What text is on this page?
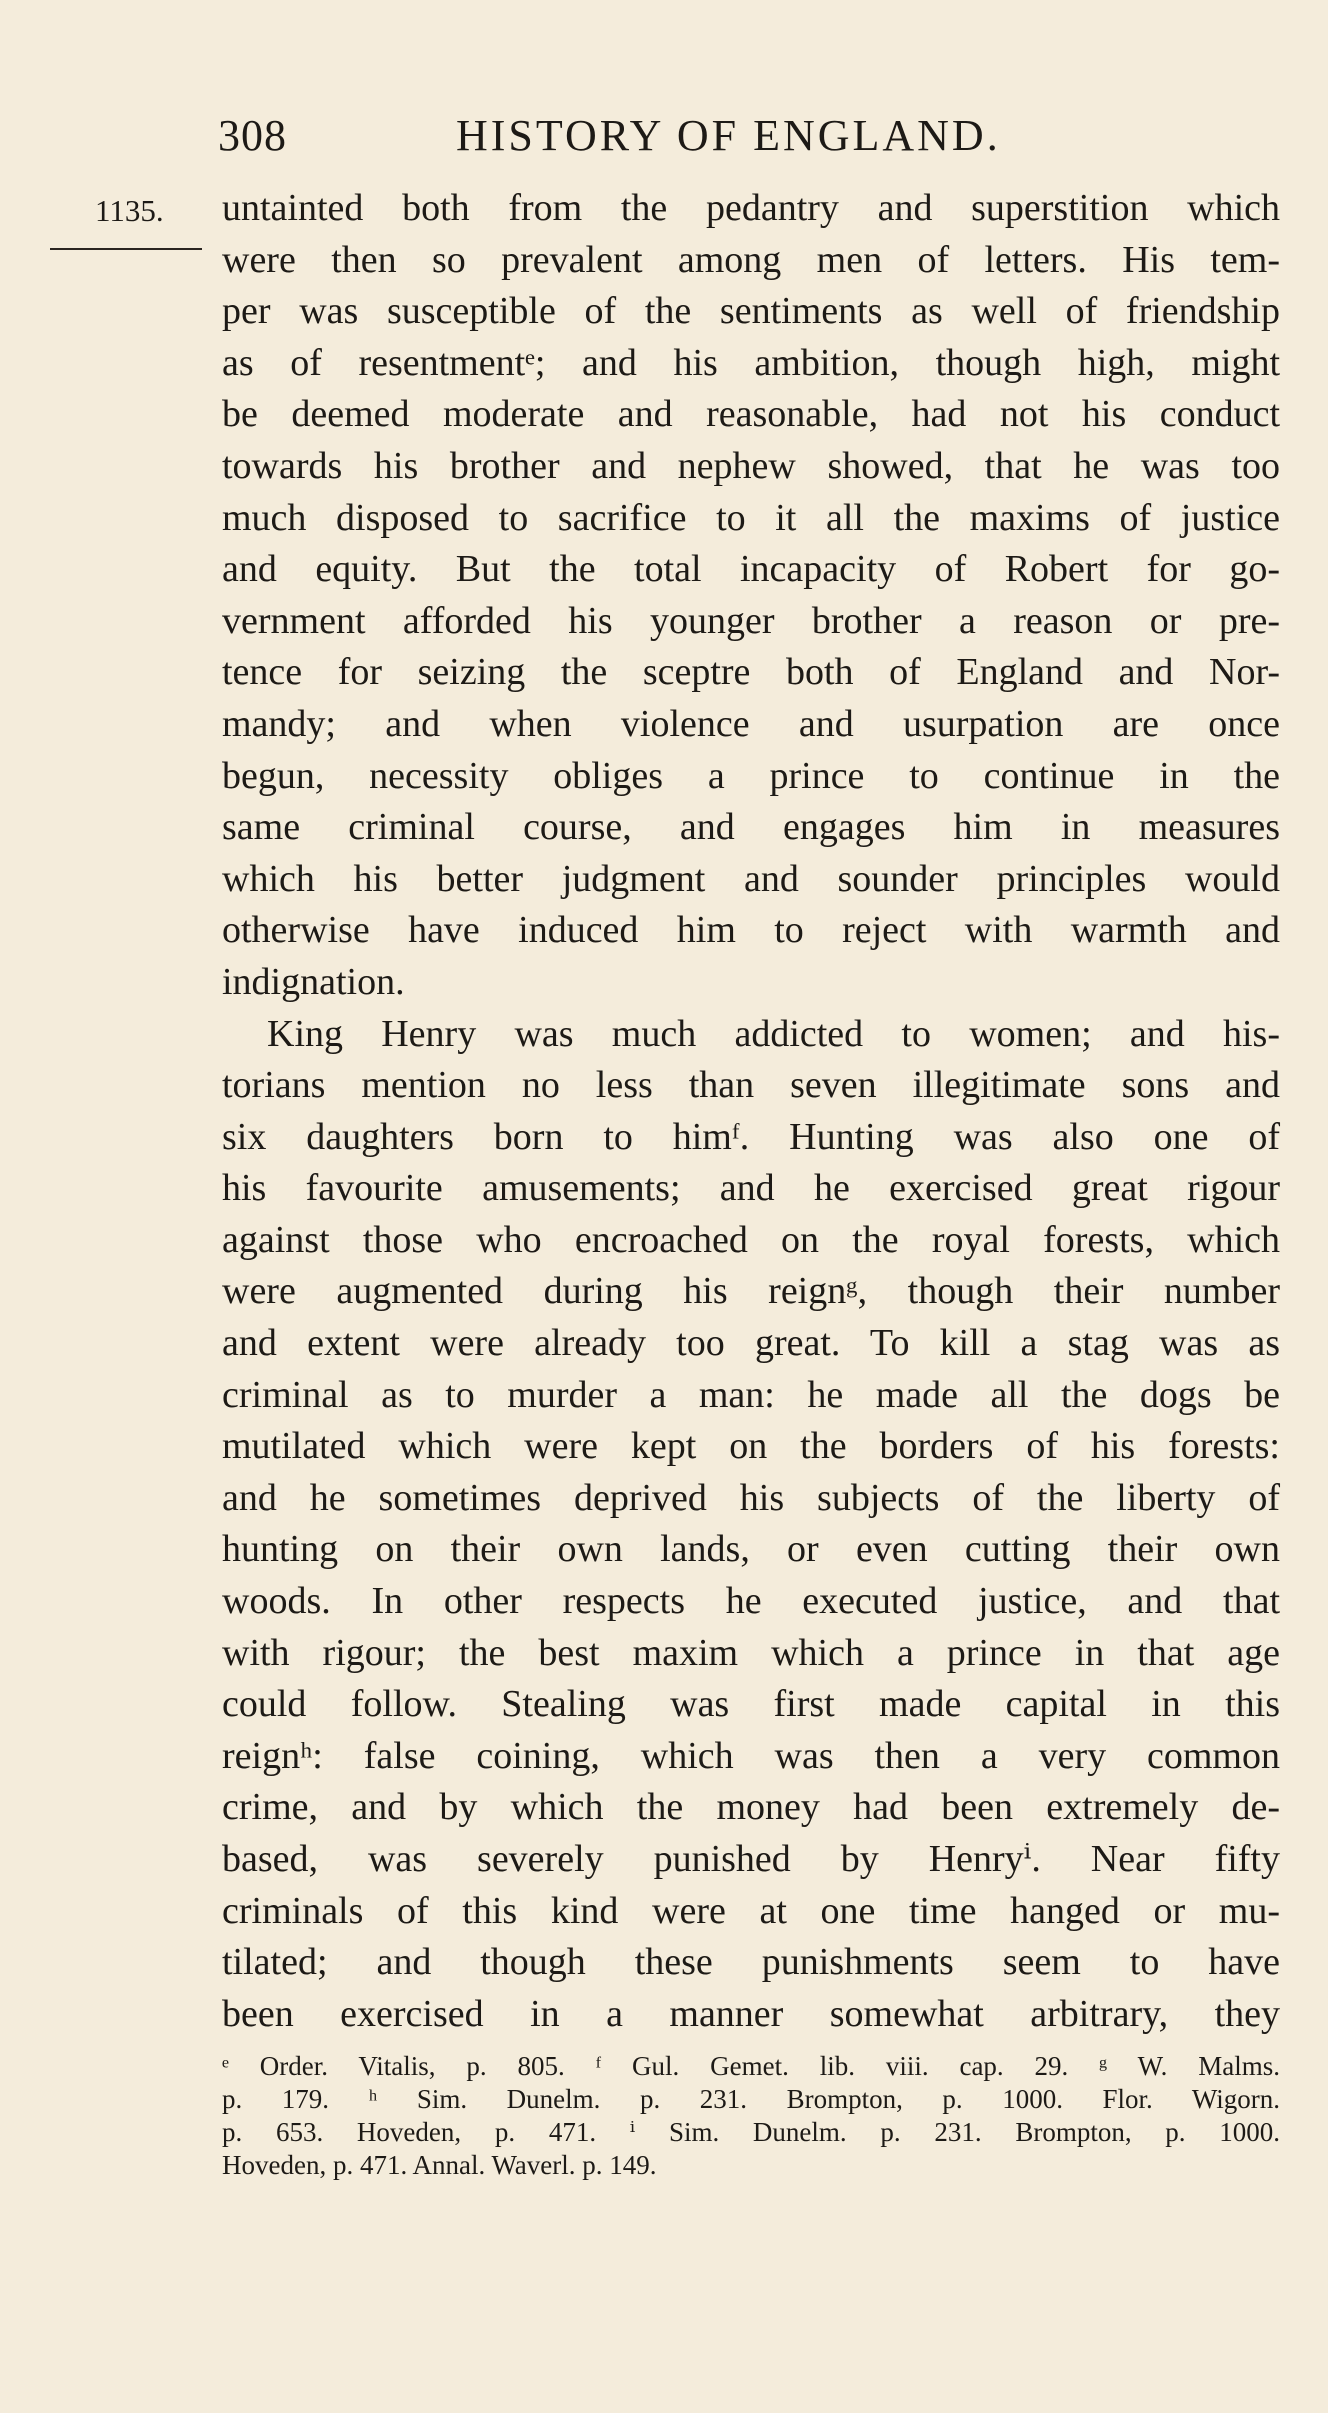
308	HISTORY OF ENGLAND.
1135. untainted both from the pedantry and superstition which
were then so prevalent among men of letters. His tem-
per was susceptible of the sentiments as well of friendship
as of resentmentᵉ; and his ambition, though high, might
be deemed moderate and reasonable, had not his conduct
towards his brother and nephew showed, that he was too
much disposed to sacrifice to it all the maxims of justice
and equity. But the total incapacity of Robert for go-
vernment afforded his younger brother a reason or pre-
tence for seizing the sceptre both of England and Nor-
mandy; and when violence and usurpation are once
begun, necessity obliges a prince to continue in the
same criminal course, and engages him in measures
which his better judgment and sounder principles would
otherwise have induced him to reject with warmth and
indignation.
King Henry was much addicted to women; and his-
torians mention no less than seven illegitimate sons and
six daughters born to himᶠ. Hunting was also one of
his favourite amusements; and he exercised great rigour
against those who encroached on the royal forests, which
were augmented during his reignᵍ, though their number
and extent were already too great. To kill a stag was as
criminal as to murder a man: he made all the dogs be
mutilated which were kept on the borders of his forests:
and he sometimes deprived his subjects of the liberty of
hunting on their own lands, or even cutting their own
woods. In other respects he executed justice, and that
with rigour; the best maxim which a prince in that age
could follow. Stealing was first made capital in this
reignʰ: false coining, which was then a very common
crime, and by which the money had been extremely de-
based, was severely punished by Henryⁱ. Near fifty
criminals of this kind were at one time hanged or mu-
tilated; and though these punishments seem to have
been exercised in a manner somewhat arbitrary, they
ᵉ Order. Vitalis, p. 805. ᶠ Gul. Gemet. lib. viii. cap. 29. ᵍ W. Malms.
p. 179. ʰ Sim. Dunelm. p. 231. Brompton, p. 1000. Flor. Wigorn.
p. 653. Hoveden, p. 471. ⁱ Sim. Dunelm. p. 231. Brompton, p. 1000.
Hoveden, p. 471. Annal. Waverl. p. 149.
